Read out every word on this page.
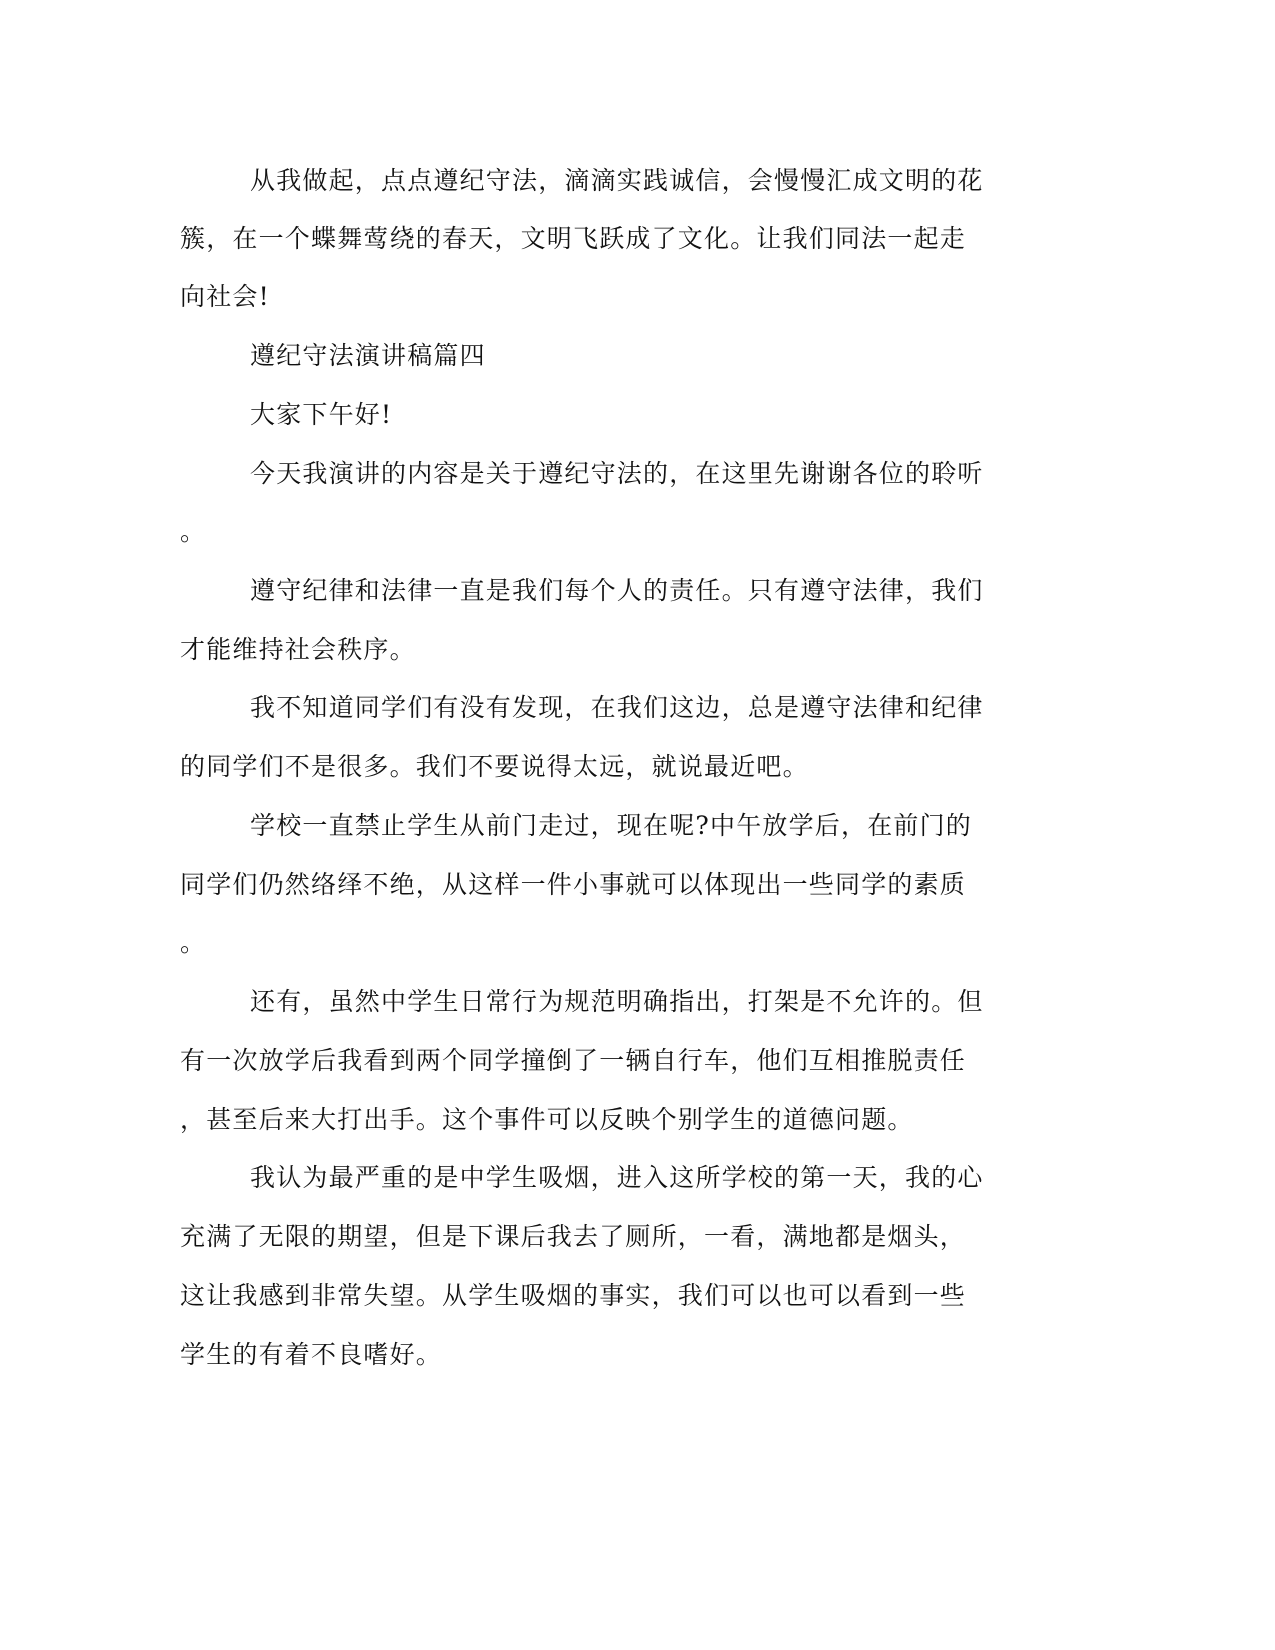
从我做起，点点遵纪守法，滴滴实践诚信，会慢慢汇成文明的花
簇，在一个蝶舞莺绕的春天，文明飞跃成了文化。让我们同法一起走
向社会!
遵纪守法演讲稿篇四
大家下午好!
今天我演讲的内容是关于遵纪守法的，在这里先谢谢各位的聆听
。
遵守纪律和法律一直是我们每个人的责任。只有遵守法律，我们
才能维持社会秩序。
我不知道同学们有没有发现，在我们这边，总是遵守法律和纪律
的同学们不是很多。我们不要说得太远，就说最近吧。
学校一直禁止学生从前门走过，现在呢?中午放学后，在前门的
同学们仍然络绎不绝，从这样一件小事就可以体现出一些同学的素质
。
还有，虽然中学生日常行为规范明确指出，打架是不允许的。但
有一次放学后我看到两个同学撞倒了一辆自行车，他们互相推脱责任
，甚至后来大打出手。这个事件可以反映个别学生的道德问题。
我认为最严重的是中学生吸烟，进入这所学校的第一天，我的心
充满了无限的期望，但是下课后我去了厕所，一看，满地都是烟头，
这让我感到非常失望。从学生吸烟的事实，我们可以也可以看到一些
学生的有着不良嗜好。
